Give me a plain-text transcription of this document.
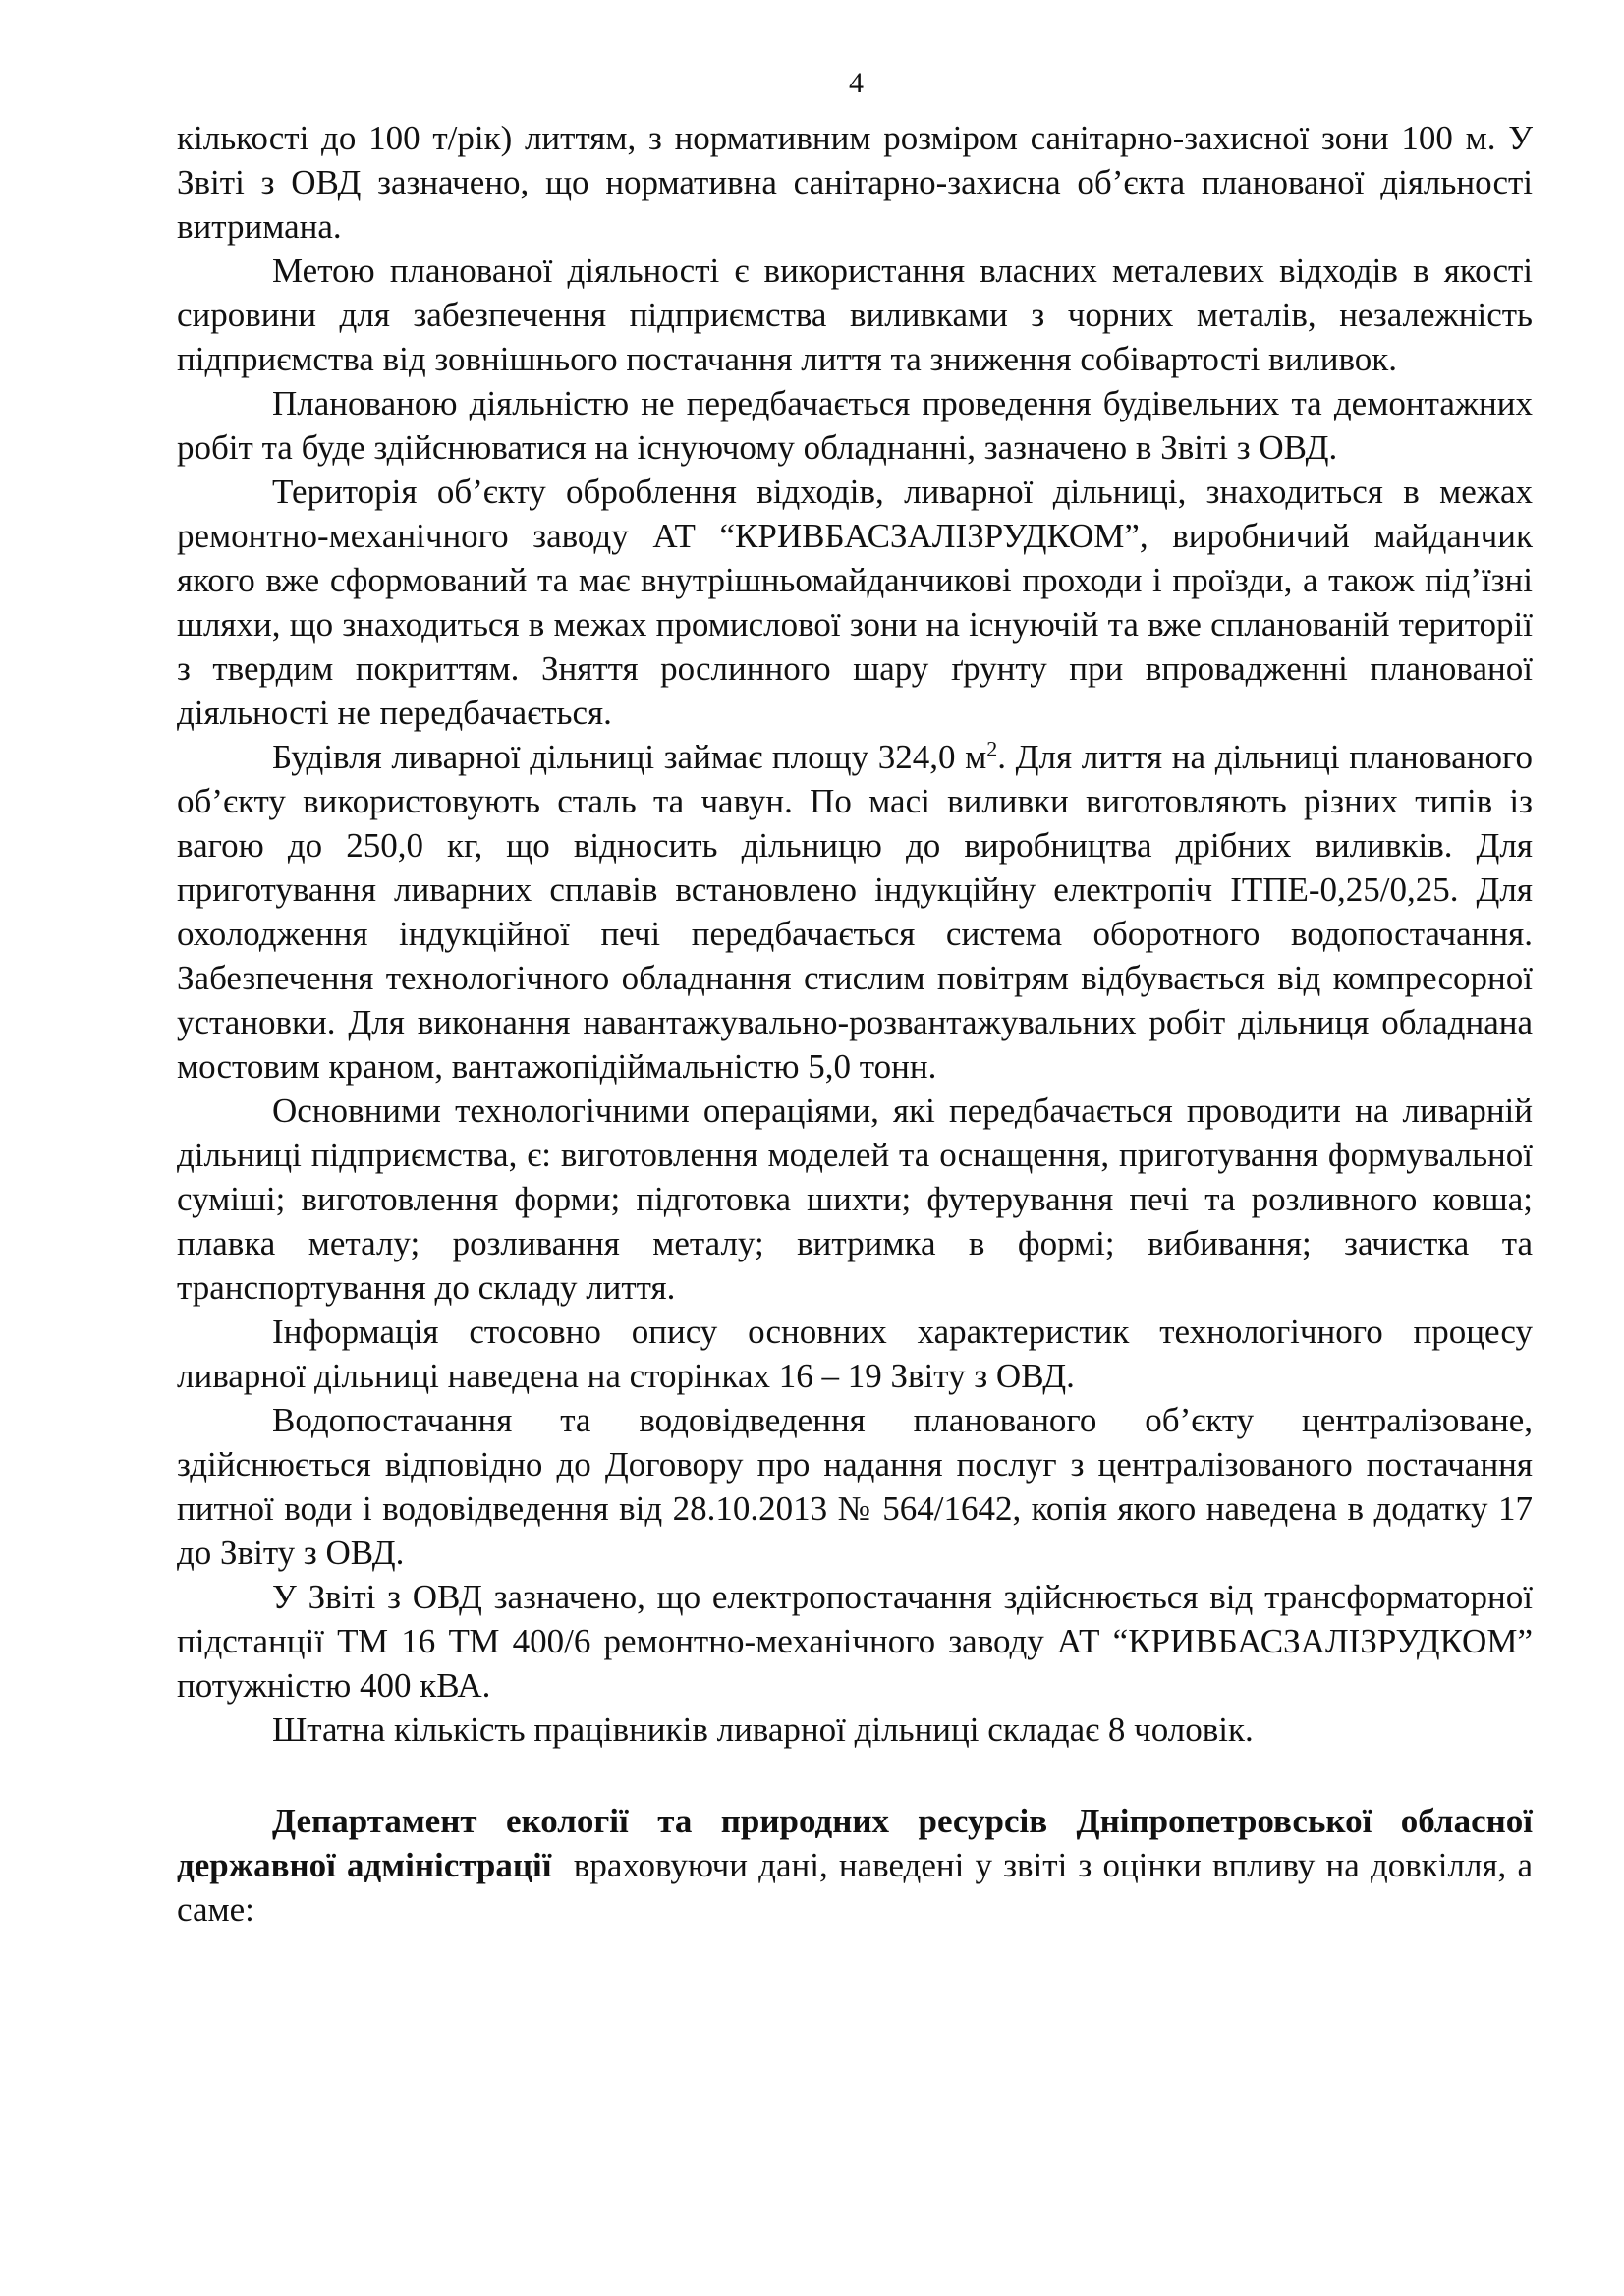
4

кількості до 100 т/рік) литтям, з нормативним розміром санітарно-захисної зони 100 м. У Звіті з ОВД зазначено, що нормативна санітарно-захисна об’єкта планованої діяльності витримана.

Метою планованої діяльності є використання власних металевих відходів в якості сировини для забезпечення підприємства виливками з чорних металів, незалежність підприємства від зовнішнього постачання лиття та зниження собівартості виливок.

Планованою діяльністю не передбачається проведення будівельних та демонтажних робіт та буде здійснюватися на існуючому обладнанні, зазначено в Звіті з ОВД.

Територія об’єкту оброблення відходів, ливарної дільниці, знаходиться в межах ремонтно-механічного заводу АТ “КРИВБАСЗАЛІЗРУДКОМ”, виробничий майданчик якого вже сформований та має внутрішньомайданчикові проходи і проїзди, а також під’їзні шляхи, що знаходиться в межах промислової зони на існуючій та вже спланованій території з твердим покриттям. Зняття рослинного шару ґрунту при впровадженні планованої діяльності не передбачається.

Будівля ливарної дільниці займає площу 324,0 $м^2$. Для лиття на дільниці планованого об’єкту використовують сталь та чавун. По масі виливки виготовляють різних типів із вагою до 250,0 кг, що відносить дільницю до виробництва дрібних виливків. Для приготування ливарних сплавів встановлено індукційну електропіч ІТПЕ-0,25/0,25. Для охолодження індукційної печі передбачається система оборотного водопостачання. Забезпечення технологічного обладнання стислим повітрям відбувається від компресорної установки. Для виконання навантажувально-розвантажувальних робіт дільниця обладнана мостовим краном, вантажопідіймальністю 5,0 тонн.

Основними технологічними операціями, які передбачається проводити на ливарній дільниці підприємства, є: виготовлення моделей та оснащення, приготування формувальної суміші; виготовлення форми; підготовка шихти; футерування печі та розливного ковша; плавка металу; розливання металу; витримка в формі; вибивання; зачистка та транспортування до складу лиття.

Інформація стосовно опису основних характеристик технологічного процесу ливарної дільниці наведена на сторінках 16 – 19 Звіту з ОВД.

Водопостачання та водовідведення планованого об’єкту централізоване, здійснюється відповідно до Договору про надання послуг з централізованого постачання питної води і водовідведення від 28.10.2013 № 564/1642, копія якого наведена в додатку 17 до Звіту з ОВД.

У Звіті з ОВД зазначено, що електропостачання здійснюється від трансформаторної підстанції ТМ 16 ТМ 400/6 ремонтно-механічного заводу АТ “КРИВБАСЗАЛІЗРУДКОМ” потужністю 400 кВА.

Штатна кількість працівників ливарної дільниці складає 8 чоловік.

Департамент екології та природних ресурсів Дніпропетровської обласної державної адміністрації  враховуючи дані, наведені у звіті з оцінки впливу на довкілля, а саме:
